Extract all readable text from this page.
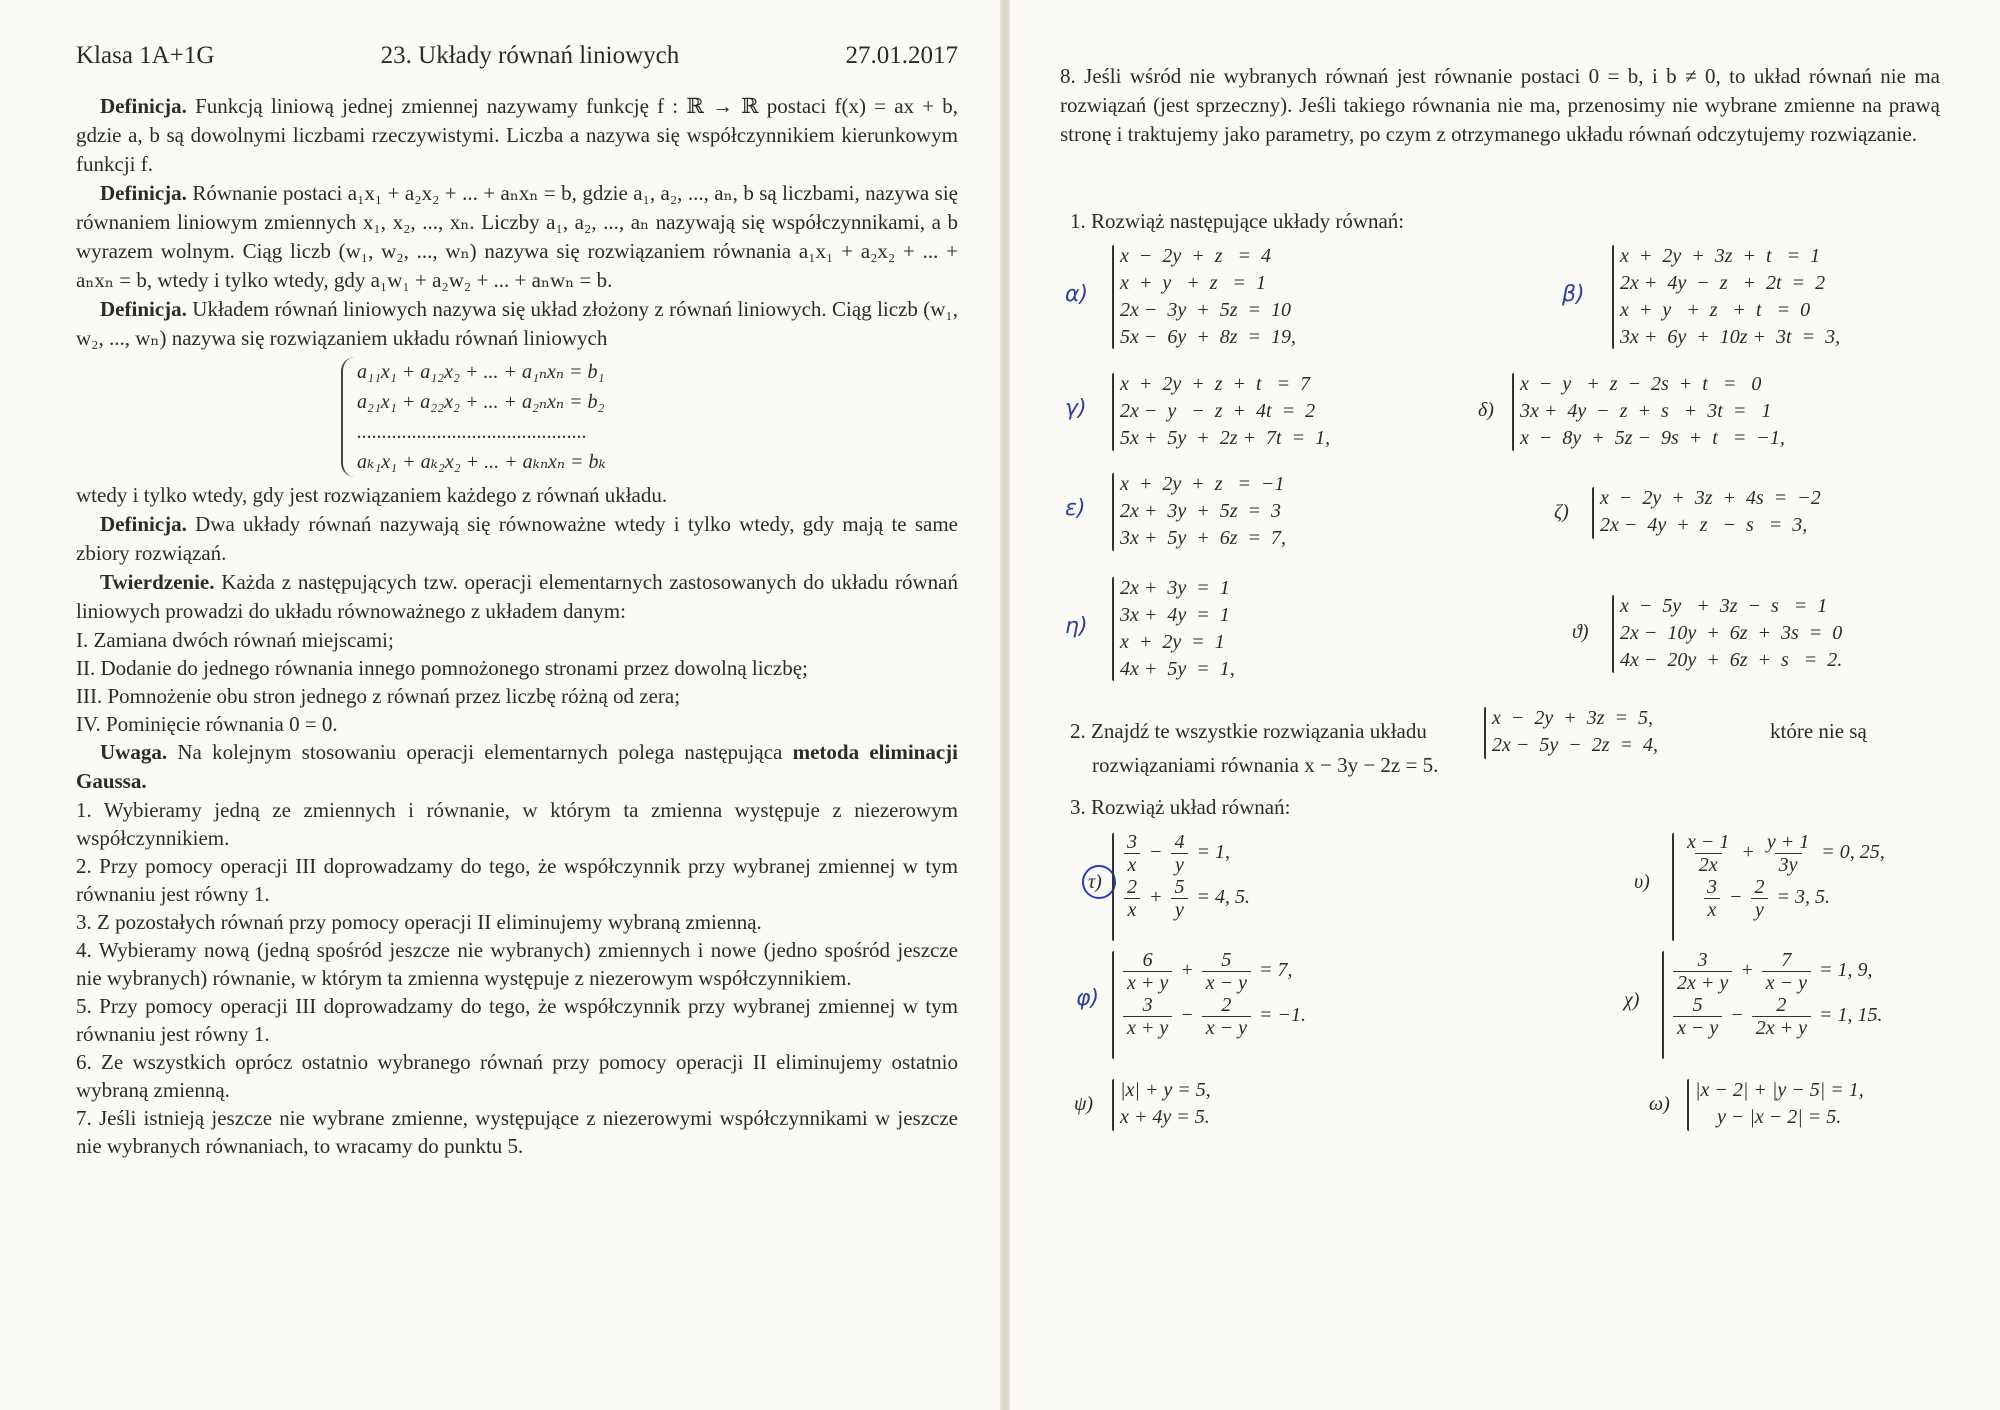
Klasa 1A+1G	23. Układy równań liniowych	27.01.2017

Definicja. Funkcją liniową jednej zmiennej nazywamy funkcję f : ℝ → ℝ postaci f(x) = ax + b, gdzie a, b są dowolnymi liczbami rzeczywistymi. Liczba a nazywa się współczynnikiem kierunkowym funkcji f.

Definicja. Równanie postaci a₁x₁ + a₂x₂ + ... + aₙxₙ = b, gdzie a₁, a₂, ..., aₙ, b są liczbami, nazywa się równaniem liniowym zmiennych x₁, x₂, ..., xₙ. Liczby a₁, a₂, ..., aₙ nazywają się współczynnikami, a b wyrazem wolnym. Ciąg liczb (w₁, w₂, ..., wₙ) nazywa się rozwiązaniem równania a₁x₁ + a₂x₂ + ... + aₙxₙ = b, wtedy i tylko wtedy, gdy a₁w₁ + a₂w₂ + ... + aₙwₙ = b.

Definicja. Układem równań liniowych nazywa się układ złożony z równań liniowych. Ciąg liczb (w₁, w₂, ..., wₙ) nazywa się rozwiązaniem układu równań liniowych

a₁₁x₁ + a₁₂x₂ + ... + a₁ₙxₙ = b₁
a₂₁x₁ + a₂₂x₂ + ... + a₂ₙxₙ = b₂
..............................................
aₖ₁x₁ + aₖ₂x₂ + ... + aₖₙxₙ = bₖ

wtedy i tylko wtedy, gdy jest rozwiązaniem każdego z równań układu.

Definicja. Dwa układy równań nazywają się równoważne wtedy i tylko wtedy, gdy mają te same zbiory rozwiązań.

Twierdzenie. Każda z następujących tzw. operacji elementarnych zastosowanych do układu równań liniowych prowadzi do układu równoważnego z układem danym:

I. Zamiana dwóch równań miejscami;

II. Dodanie do jednego równania innego pomnożonego stronami przez dowolną liczbę;

III. Pomnożenie obu stron jednego z równań przez liczbę różną od zera;

IV. Pominięcie równania 0 = 0.

Uwaga. Na kolejnym stosowaniu operacji elementarnych polega następująca metoda eliminacji Gaussa.

1. Wybieramy jedną ze zmiennych i równanie, w którym ta zmienna występuje z niezerowym współczynnikiem.

2. Przy pomocy operacji III doprowadzamy do tego, że współczynnik przy wybranej zmiennej w tym równaniu jest równy 1.

3. Z pozostałych równań przy pomocy operacji II eliminujemy wybraną zmienną.

4. Wybieramy nową (jedną spośród jeszcze nie wybranych) zmiennych i nowe (jedno spośród jeszcze nie wybranych) równanie, w którym ta zmienna występuje z niezerowym współczynnikiem.

5. Przy pomocy operacji III doprowadzamy do tego, że współczynnik przy wybranej zmiennej w tym równaniu jest równy 1.

6. Ze wszystkich oprócz ostatnio wybranego równań przy pomocy operacji II eliminujemy ostatnio wybraną zmienną.

7. Jeśli istnieją jeszcze nie wybrane zmienne, występujące z niezerowymi współczynnikami w jeszcze nie wybranych równaniach, to wracamy do punktu 5.

8. Jeśli wśród nie wybranych równań jest równanie postaci 0 = b, i b ≠ 0, to układ równań nie ma rozwiązań (jest sprzeczny). Jeśli takiego równania nie ma, przenosimy nie wybrane zmienne na prawą stronę i traktujemy jako parametry, po czym z otrzymanego układu równań odczytujemy rozwiązanie.

1. Rozwiąż następujące układy równań:

α)
x  −  2y  +  z   =  4
x  +  y   +  z   =  1
2x −  3y  +  5z  =  10
5x −  6y  +  8z  =  19,
β)
x  +  2y  +  3z  +  t   =  1
2x +  4y  −  z   +  2t  =  2
x  +  y   +  z   +  t   =  0
3x +  6y  +  10z +  3t  =  3,
γ)
x  +  2y  +  z  +  t   =  7
2x −  y   −  z  +  4t  =  2
5x +  5y  +  2z +  7t  =  1,
δ)
x  −  y   +  z  −  2s  +  t   =   0
3x +  4y  −  z  +  s   +  3t  =   1
x  −  8y  +  5z −  9s  +  t   =  −1,
ε)
x  +  2y  +  z   =  −1
2x +  3y  +  5z  =  3
3x +  5y  +  6z  =  7,
ζ)
x  −  2y  +  3z  +  4s  =  −2
2x −  4y  +  z   −  s   =  3,
η)
2x +  3y  =  1
3x +  4y  =  1
x  +  2y  =  1
4x +  5y  =  1,
ϑ)
x  −  5y   +  3z  −  s   =  1
2x −  10y  +  6z  +  3s  =  0
4x −  20y  +  6z  +  s   =  2.
2. Znajdź te wszystkie rozwiązania układu
x  −  2y  +  3z  =  5,
2x −  5y  −  2z  =  4,
które nie są
rozwiązaniami równania x − 3y − 2z = 5.

3. Rozwiąż układ równań:

τ)
$\frac{3}{x} - \frac{4}{y} = 1$,
$\frac{2}{x} + \frac{5}{y} = 4$, 5.
υ)
$\frac{x - 1}{2x} + \frac{y + 1}{3y} = 0$, 25,
$\frac{3}{x} - \frac{2}{y} = 3$, 5.
φ)
$\frac{6}{x + y} + \frac{5}{x - y} = 7$,
$\frac{3}{x + y} - \frac{2}{x - y} = -1$.
χ)
$\frac{3}{2x + y} + \frac{7}{x - y} = 1$, 9,
$\frac{5}{x - y} - \frac{2}{2x + y} = 1$, 15.
ψ)
|x| + y = 5,
x + 4y = 5.
ω)
|x − 2| + |y − 5| = 1,
y − |x − 2| = 5.
